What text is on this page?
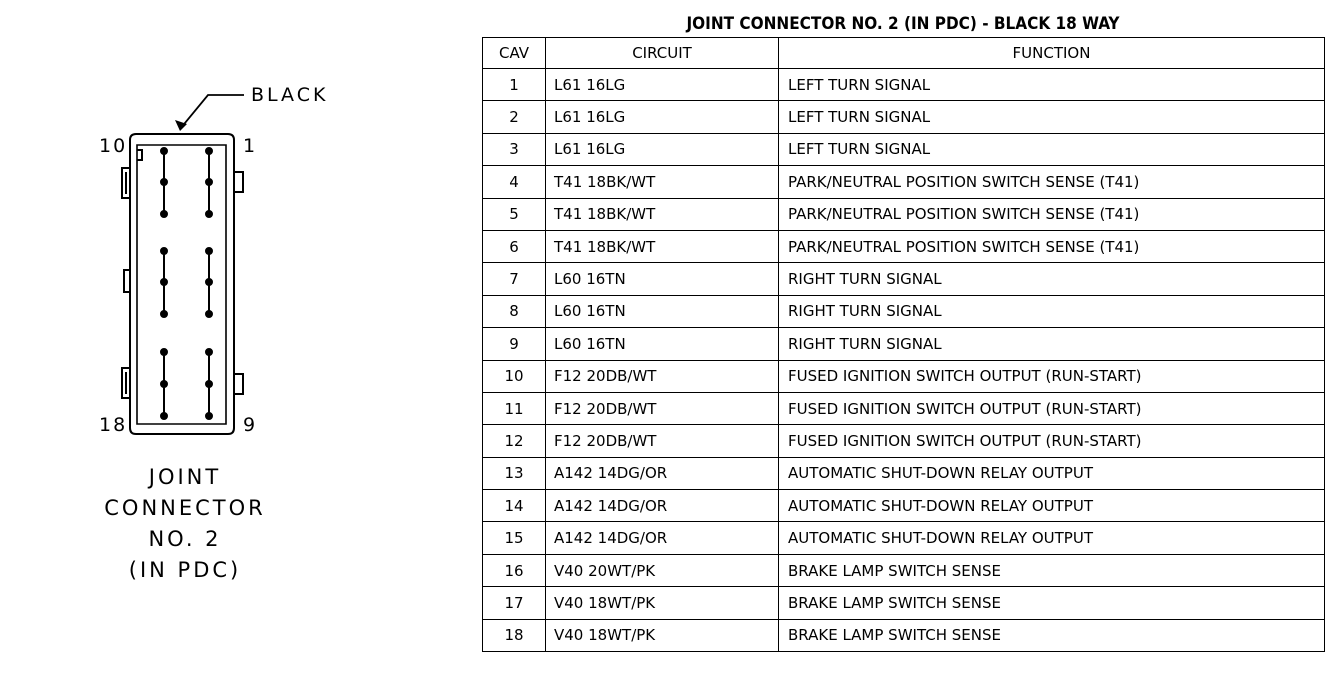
BLACK
10	1
18	9
JOINT
CONNECTOR
NO. 2
(IN PDC)
JOINT CONNECTOR NO. 2 (IN PDC) - BLACK 18 WAY
CAV	CIRCUIT	FUNCTION
1	L61 16LG	LEFT TURN SIGNAL
2	L61 16LG	LEFT TURN SIGNAL
3	L61 16LG	LEFT TURN SIGNAL
4	T41 18BK/WT	PARK/NEUTRAL POSITION SWITCH SENSE (T41)
5	T41 18BK/WT	PARK/NEUTRAL POSITION SWITCH SENSE (T41)
6	T41 18BK/WT	PARK/NEUTRAL POSITION SWITCH SENSE (T41)
7	L60 16TN	RIGHT TURN SIGNAL
8	L60 16TN	RIGHT TURN SIGNAL
9	L60 16TN	RIGHT TURN SIGNAL
10	F12 20DB/WT	FUSED IGNITION SWITCH OUTPUT (RUN-START)
11	F12 20DB/WT	FUSED IGNITION SWITCH OUTPUT (RUN-START)
12	F12 20DB/WT	FUSED IGNITION SWITCH OUTPUT (RUN-START)
13	A142 14DG/OR	AUTOMATIC SHUT-DOWN RELAY OUTPUT
14	A142 14DG/OR	AUTOMATIC SHUT-DOWN RELAY OUTPUT
15	A142 14DG/OR	AUTOMATIC SHUT-DOWN RELAY OUTPUT
16	V40 20WT/PK	BRAKE LAMP SWITCH SENSE
17	V40 18WT/PK	BRAKE LAMP SWITCH SENSE
18	V40 18WT/PK	BRAKE LAMP SWITCH SENSE
